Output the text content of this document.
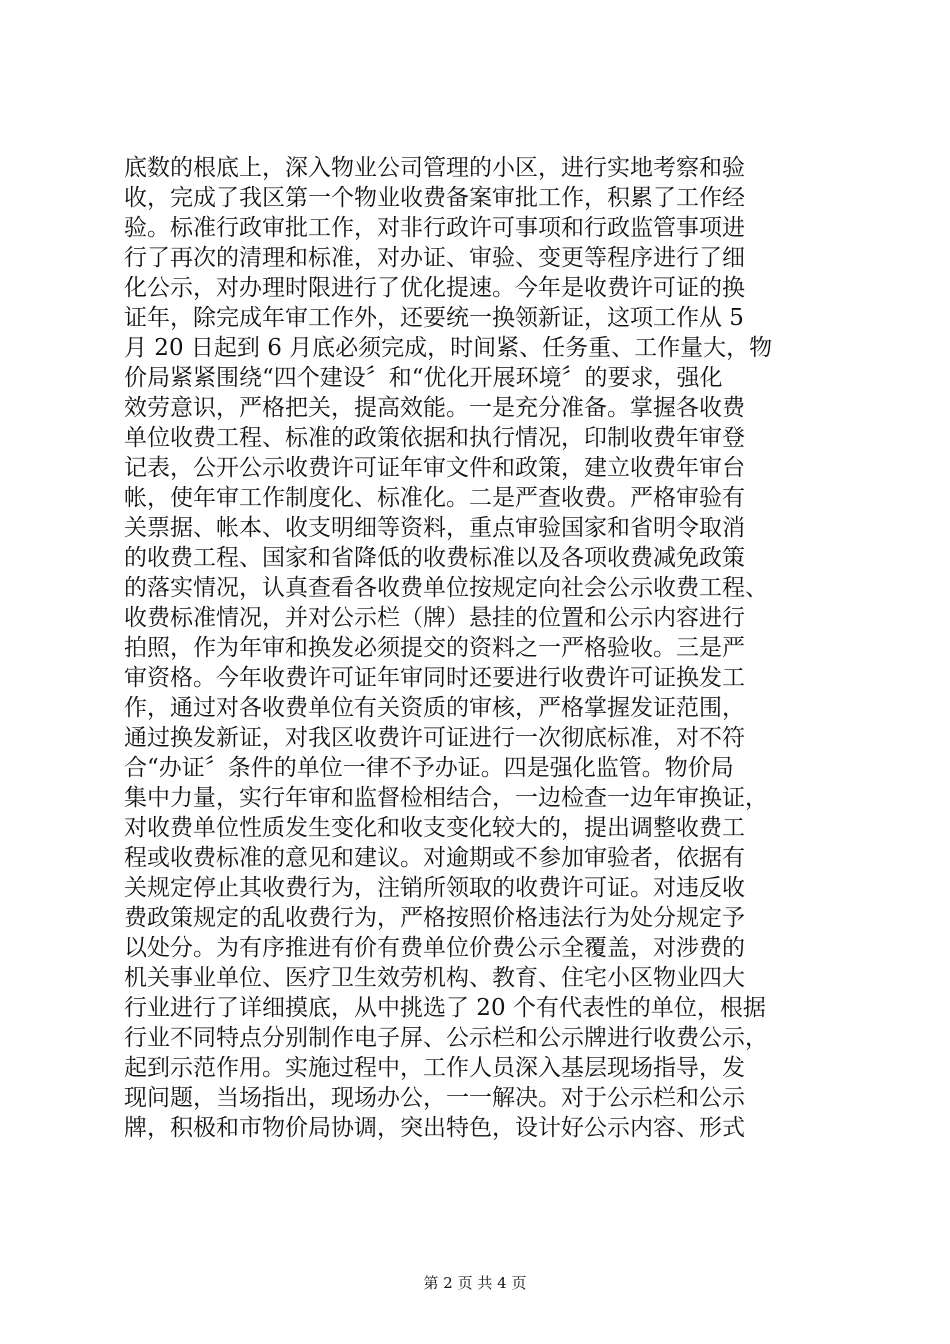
底数的根底上，深入物业公司管理的小区，进行实地考察和验
收，完成了我区第一个物业收费备案审批工作，积累了工作经
验。标准行政审批工作，对非行政许可事项和行政监管事项进
行了再次的清理和标准，对办证、审验、变更等程序进行了细
化公示，对办理时限进行了优化提速。今年是收费许可证的换
证年，除完成年审工作外，还要统一换领新证，这项工作从 5
月 20 日起到 6 月底必须完成，时间紧、任务重、工作量大，物
价局紧紧围绕“四个建设〞和“优化开展环境〞的要求，强化
效劳意识，严格把关，提高效能。一是充分准备。掌握各收费
单位收费工程、标准的政策依据和执行情况，印制收费年审登
记表，公开公示收费许可证年审文件和政策，建立收费年审台
帐，使年审工作制度化、标准化。二是严查收费。严格审验有
关票据、帐本、收支明细等资料，重点审验国家和省明令取消
的收费工程、国家和省降低的收费标准以及各项收费减免政策
的落实情况，认真查看各收费单位按规定向社会公示收费工程、
收费标准情况，并对公示栏（牌）悬挂的位置和公示内容进行
拍照，作为年审和换发必须提交的资料之一严格验收。三是严
审资格。今年收费许可证年审同时还要进行收费许可证换发工
作，通过对各收费单位有关资质的审核，严格掌握发证范围，
通过换发新证，对我区收费许可证进行一次彻底标准，对不符
合“办证〞条件的单位一律不予办证。四是强化监管。物价局
集中力量，实行年审和监督检相结合，一边检查一边年审换证，
对收费单位性质发生变化和收支变化较大的，提出调整收费工
程或收费标准的意见和建议。对逾期或不参加审验者，依据有
关规定停止其收费行为，注销所领取的收费许可证。对违反收
费政策规定的乱收费行为，严格按照价格违法行为处分规定予
以处分。为有序推进有价有费单位价费公示全覆盖，对涉费的
机关事业单位、医疗卫生效劳机构、教育、住宅小区物业四大
行业进行了详细摸底，从中挑选了 20 个有代表性的单位，根据
行业不同特点分别制作电子屏、公示栏和公示牌进行收费公示，
起到示范作用。实施过程中，工作人员深入基层现场指导，发
现问题，当场指出，现场办公，一一解决。对于公示栏和公示
牌，积极和市物价局协调，突出特色，设计好公示内容、形式
第 2 页 共 4 页
